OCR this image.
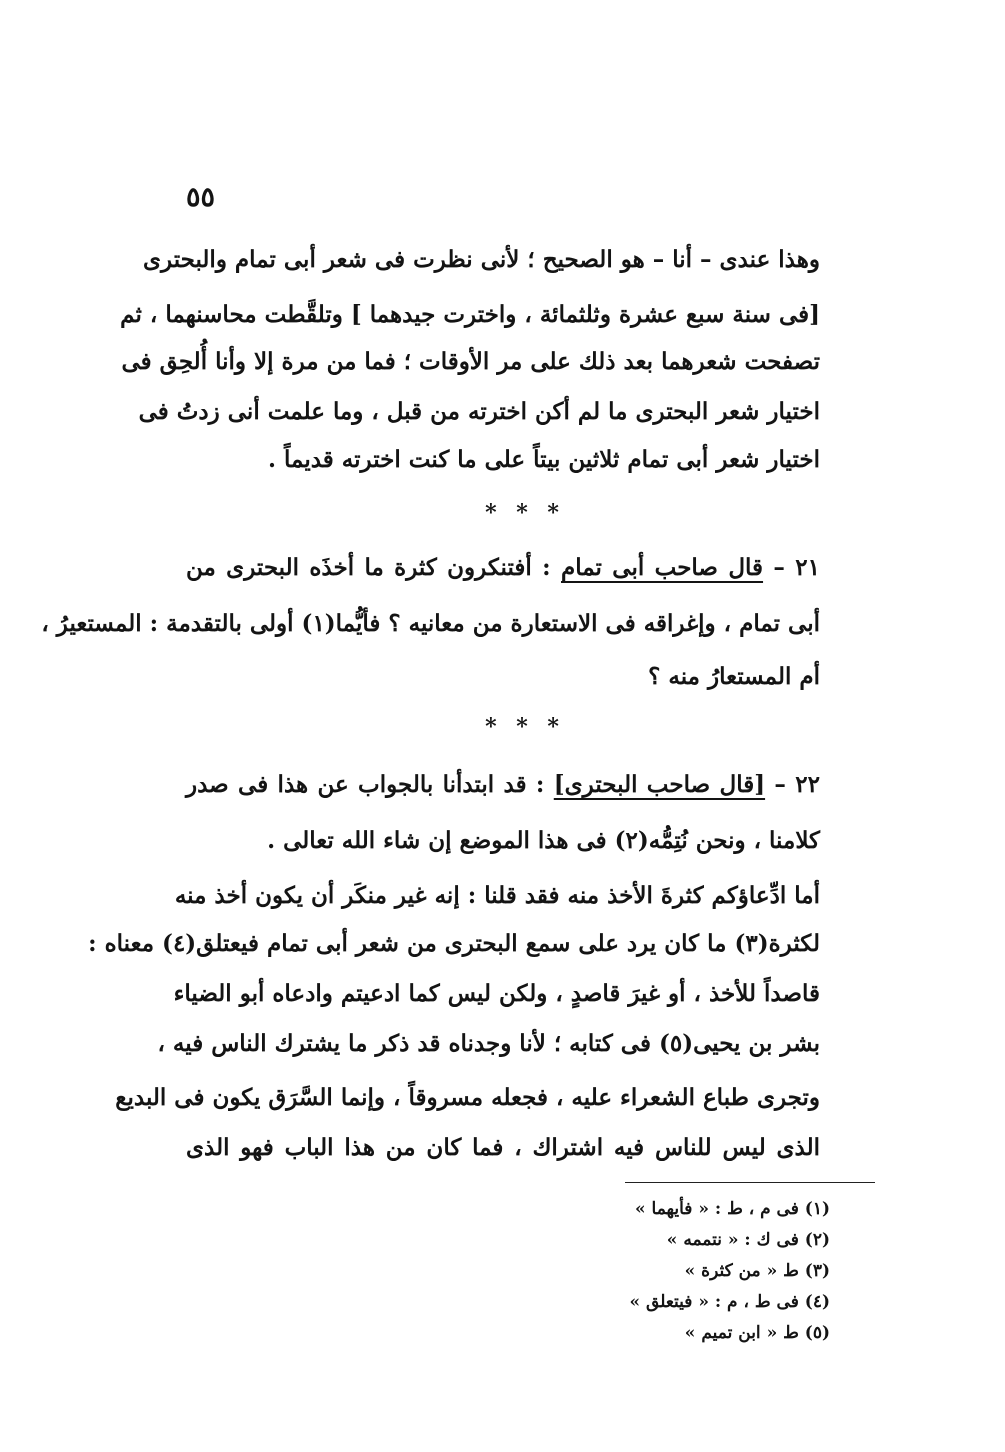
٥٥
وهذا عندى – أنا – هو الصحيح ؛ لأنى نظرت فى شعر أبى تمام والبحترى
[فى سنة سبع عشرة وثلثمائة ، واخترت جيدهما ] وتلقَّطت محاسنهما ، ثم
تصفحت شعرهما بعد ذلك على مر الأوقات ؛ فما من مرة إلا وأنا أُلحِق فى
اختيار شعر البحترى ما لم أكن اخترته من قبل ، وما علمت أنى زدتُ فى
اختيار شعر أبى تمام ثلاثين بيتاً على ما كنت اخترته قديماً .
* * *
٢١ – قال صاحب أبى تمام : أفتنكرون كثرة ما أخذَه البحترى من
أبى تمام ، وإغراقه فى الاستعارة من معانيه ؟ فأيُّما(١) أولى بالتقدمة : المستعيرُ ،
أم المستعارُ منه ؟
* * *
٢٢ – [قال صاحب البحترى] : قد ابتدأنا بالجواب عن هذا فى صدر
كلامنا ، ونحن نُتِمُّه(٢) فى هذا الموضع إن شاء الله تعالى .
أما ادِّعاؤكم كثرةَ الأخذ منه فقد قلنا : إنه غير منكَر أن يكون أخذ منه
لكثرة(٣) ما كان يرد على سمع البحترى من شعر أبى تمام فيعتلق(٤) معناه :
قاصداً للأخذ ، أو غيرَ قاصدٍ ، ولكن ليس كما ادعيتم وادعاه أبو الضياء
بشر بن يحيى(٥) فى كتابه ؛ لأنا وجدناه قد ذكر ما يشترك الناس فيه ،
وتجرى طباع الشعراء عليه ، فجعله مسروقاً ، وإنما السَّرَق يكون فى البديع
الذى ليس للناس فيه اشتراك ، فما كان من هذا الباب فهو الذى
(١) فى م ، ط : « فأيهما »
(٢) فى ك : « نتممه »
(٣) ط « من كثرة »
(٤) فى ط ، م : « فيتعلق »
(٥) ط « ابن تميم »
